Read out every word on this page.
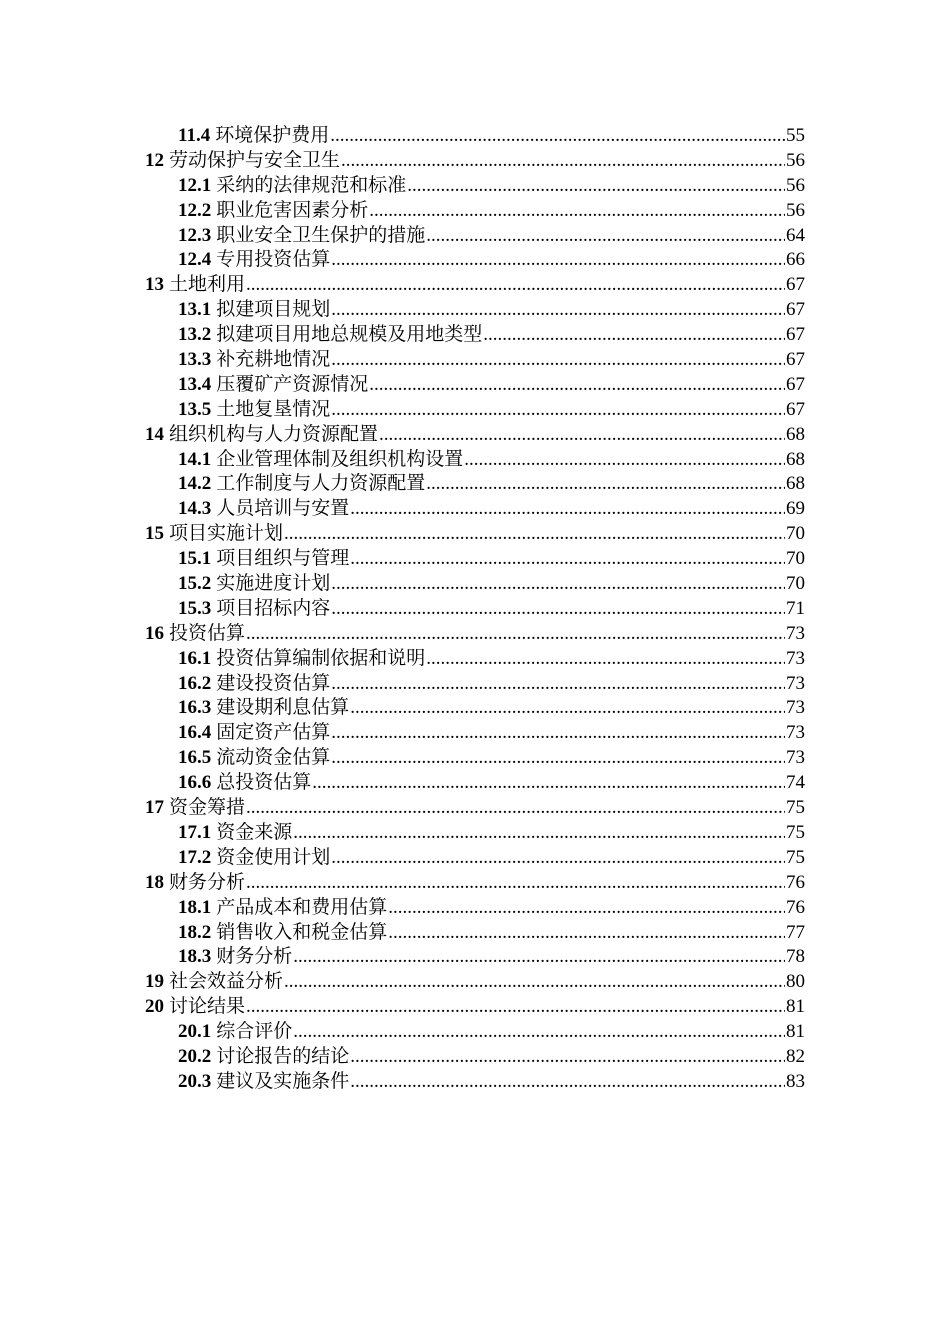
11.4 环境保护费用 .....	55
12 劳动保护与安全卫生 .....	56
12.1 采纳的法律规范和标准 .....	56
12.2 职业危害因素分析 .....	56
12.3 职业安全卫生保护的措施 .....	64
12.4 专用投资估算 .....	66
13 土地利用 .....	67
13.1 拟建项目规划 .....	67
13.2 拟建项目用地总规模及用地类型 .....	67
13.3 补充耕地情况 .....	67
13.4 压覆矿产资源情况 .....	67
13.5 土地复垦情况 .....	67
14 组织机构与人力资源配置 .....	68
14.1 企业管理体制及组织机构设置 .....	68
14.2 工作制度与人力资源配置 .....	68
14.3 人员培训与安置 .....	69
15 项目实施计划 .....	70
15.1 项目组织与管理 .....	70
15.2 实施进度计划 .....	70
15.3 项目招标内容 .....	71
16 投资估算 .....	73
16.1 投资估算编制依据和说明 .....	73
16.2 建设投资估算 .....	73
16.3 建设期利息估算 .....	73
16.4 固定资产估算 .....	73
16.5 流动资金估算 .....	73
16.6 总投资估算 .....	74
17 资金筹措 .....	75
17.1 资金来源 .....	75
17.2 资金使用计划 .....	75
18 财务分析 .....	76
18.1 产品成本和费用估算 .....	76
18.2 销售收入和税金估算 .....	77
18.3 财务分析 .....	78
19 社会效益分析 .....	80
20 讨论结果 .....	81
20.1 综合评价 .....	81
20.2 讨论报告的结论 .....	82
20.3 建议及实施条件 .....	83
